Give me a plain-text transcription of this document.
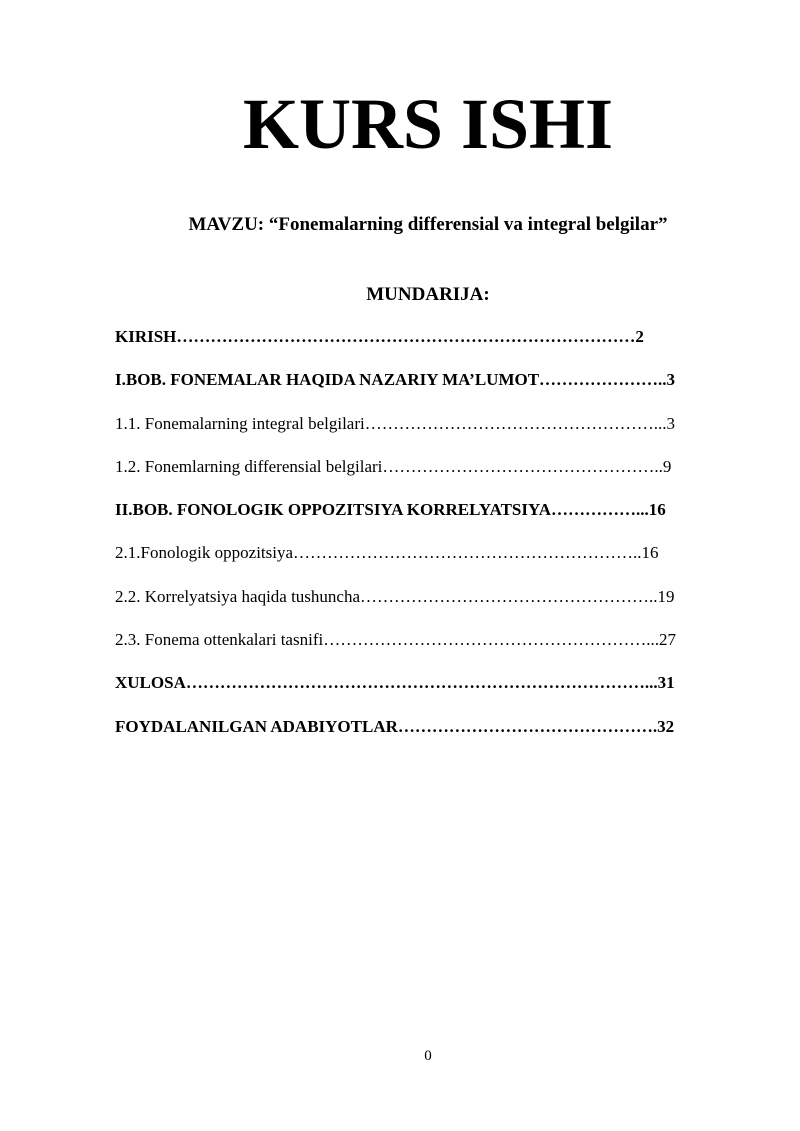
KURS ISHI

MAVZU: “Fonemalarning differensial va integral belgilar”

MUNDARIJA:

KIRISH………………………………………………………………………2
I.BOB. FONEMALAR HAQIDA NAZARIY MA’LUMOT…………………..3
1.1. Fonemalarning integral belgilari……………………………………………...3
1.2. Fonemlarning differensial belgilari…………………………………………..9
II.BOB. FONOLOGIK OPPOZITSIYA KORRELYATSIYA……………...16
2.1.Fonologik oppozitsiya……………………………………………………..16
2.2. Korrelyatsiya haqida tushuncha……………………………………………..19
2.3. Fonema ottenkalari tasnifi…………………………………………………...27
XULOSA………………………………………………………………………...31
FOYDALANILGAN ADABIYOTLAR……………………………………….32

0
